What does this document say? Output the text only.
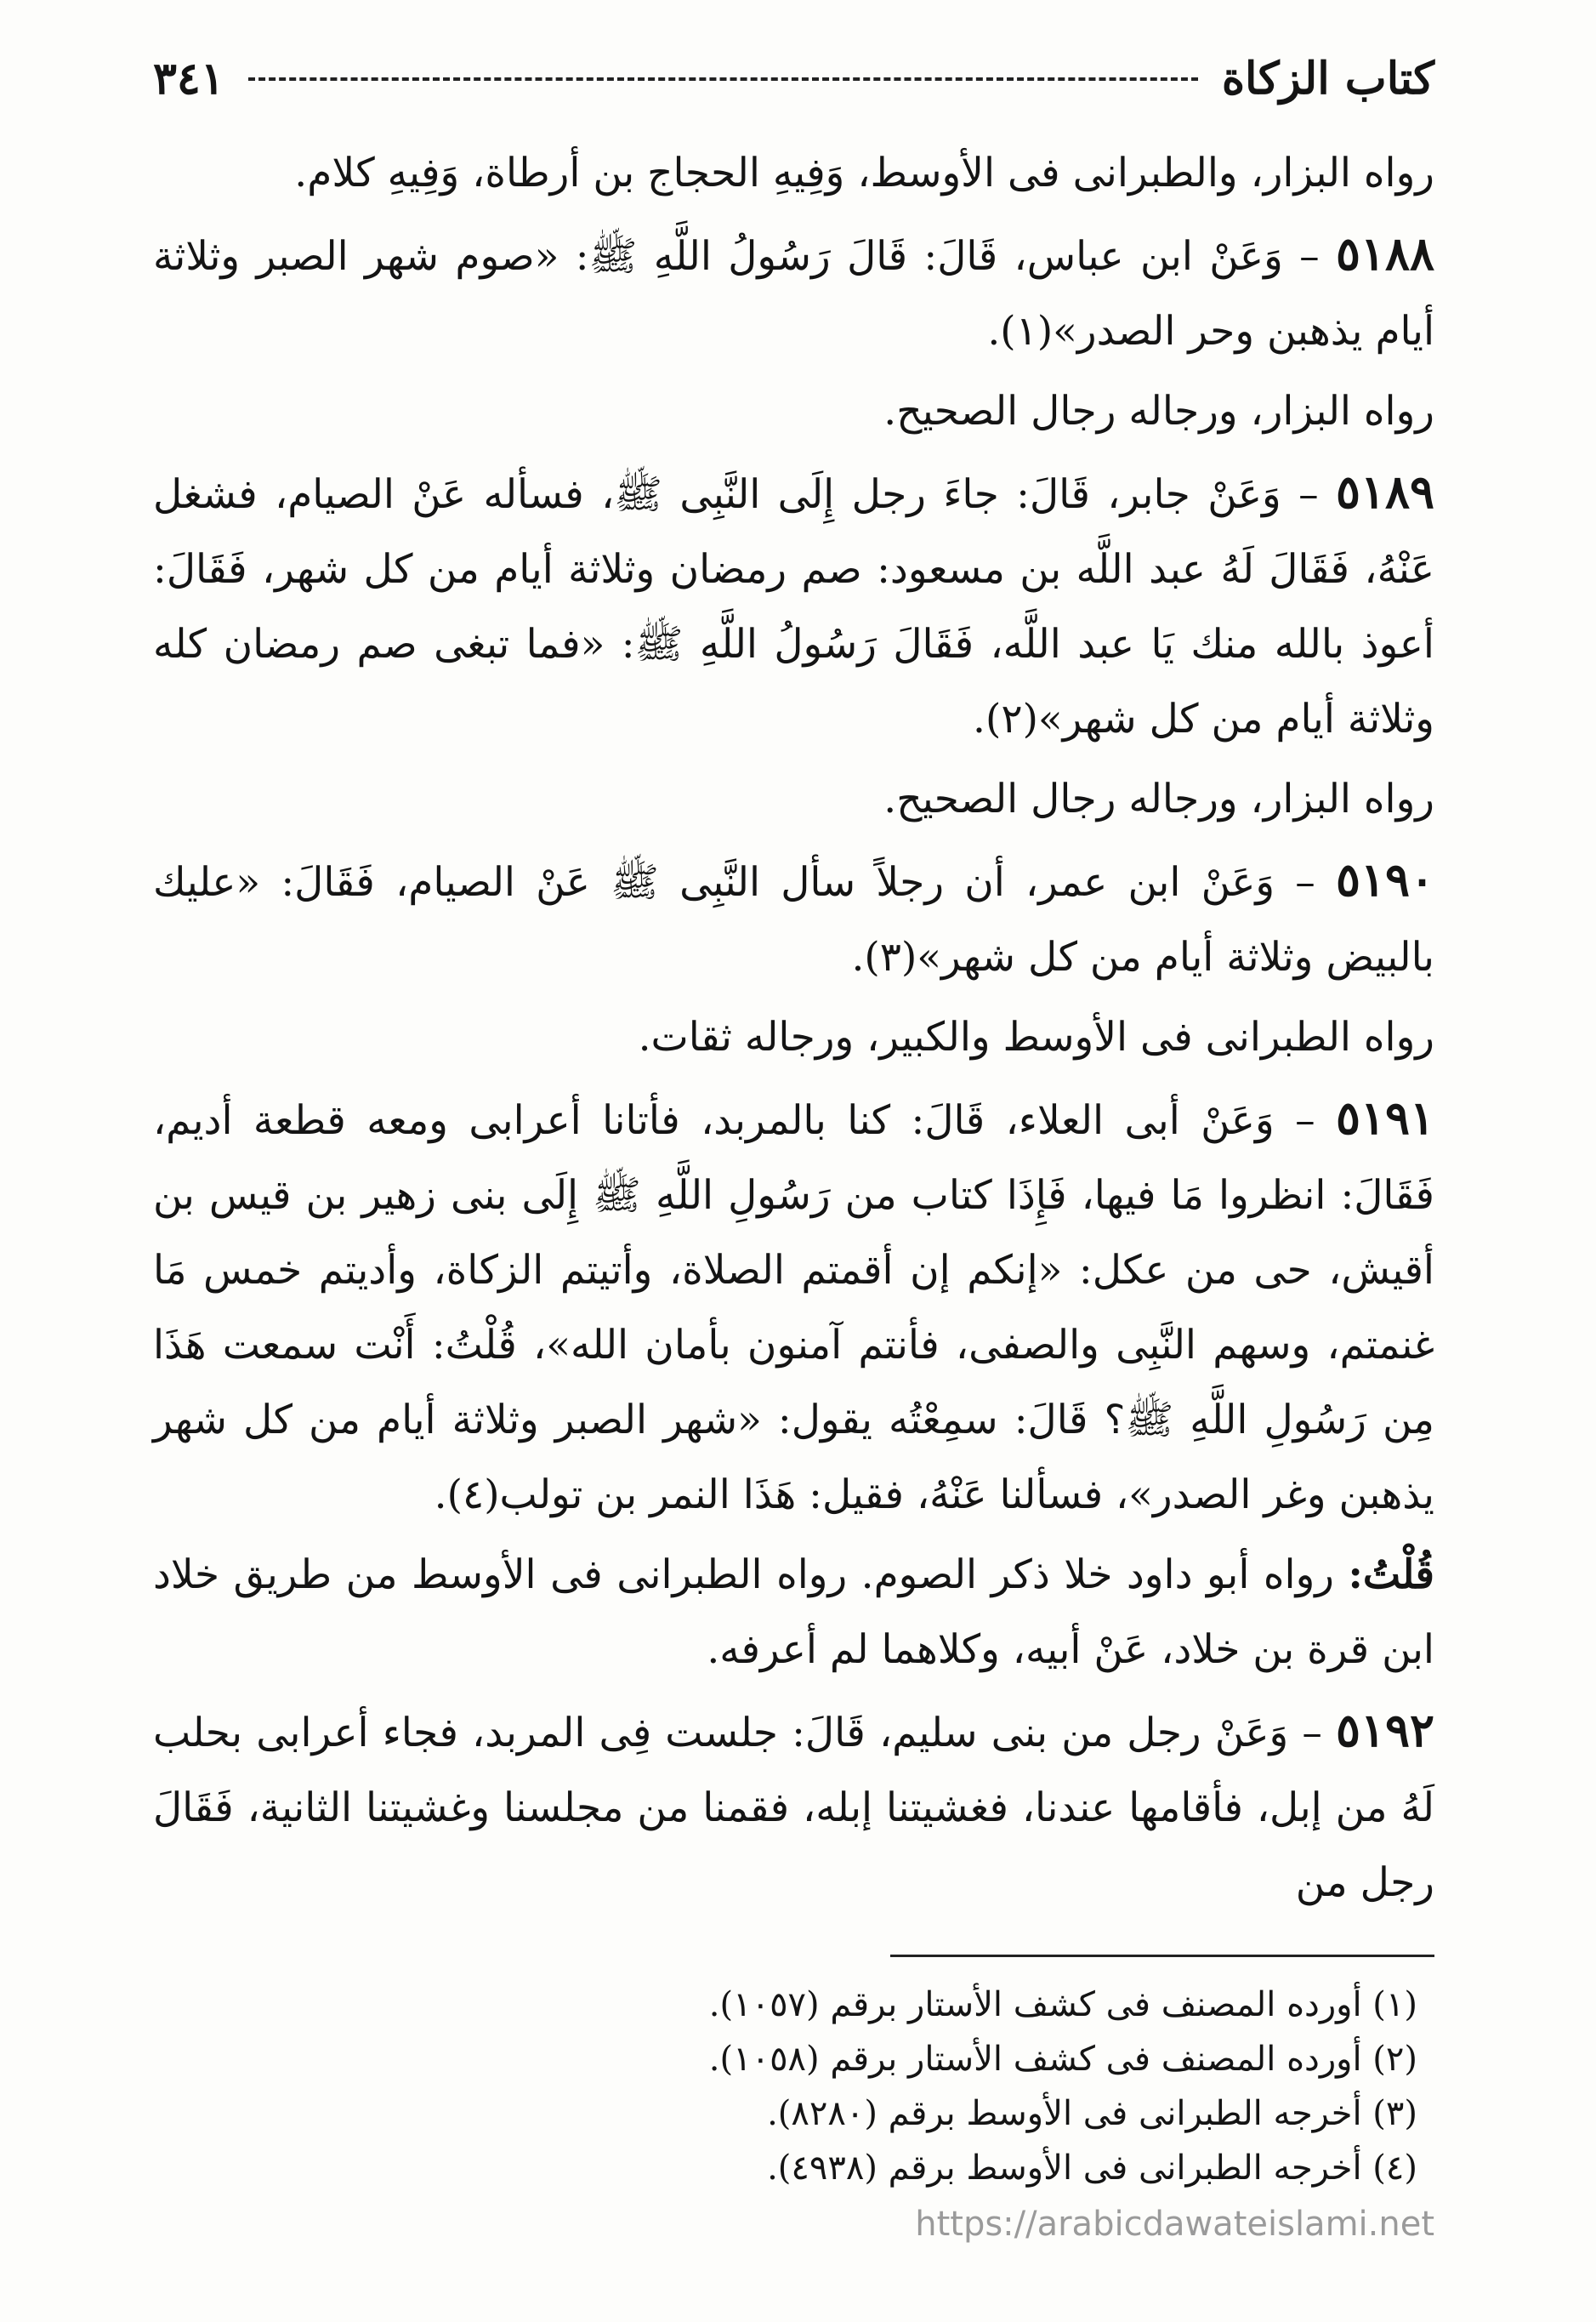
كتاب الزكاة
٣٤١

رواه البزار، والطبرانى فى الأوسط، وَفِيهِ الحجاج بن أرطاة، وَفِيهِ كلام.

٥١٨٨ – وَعَنْ ابن عباس، قَالَ: قَالَ رَسُولُ اللَّهِ ﷺ: «صوم شهر الصبر وثلاثة أيام يذهبن وحر الصدر»(١).

رواه البزار، ورجاله رجال الصحيح.

٥١٨٩ – وَعَنْ جابر، قَالَ: جاءَ رجل إِلَى النَّبِى ﷺ، فسأله عَنْ الصيام، فشغل عَنْهُ، فَقَالَ لَهُ عبد اللَّه بن مسعود: صم رمضان وثلاثة أيام من كل شهر، فَقَالَ: أعوذ بالله منك يَا عبد اللَّه، فَقَالَ رَسُولُ اللَّهِ ﷺ: «فما تبغى صم رمضان كله وثلاثة أيام من كل شهر»(٢).

رواه البزار، ورجاله رجال الصحيح.

٥١٩٠ – وَعَنْ ابن عمر، أن رجلاً سأل النَّبِى ﷺ عَنْ الصيام، فَقَالَ: «عليك بالبيض وثلاثة أيام من كل شهر»(٣).

رواه الطبرانى فى الأوسط والكبير، ورجاله ثقات.

٥١٩١ – وَعَنْ أبى العلاء، قَالَ: كنا بالمربد، فأتانا أعرابى ومعه قطعة أديم، فَقَالَ: انظروا مَا فيها، فَإِذَا كتاب من رَسُولِ اللَّهِ ﷺ إِلَى بنى زهير بن قيس بن أقيش، حى من عكل: «إنكم إن أقمتم الصلاة، وأتيتم الزكاة، وأديتم خمس مَا غنمتم، وسهم النَّبِى والصفى، فأنتم آمنون بأمان الله»، قُلْتُ: أَنْت سمعت هَذَا مِن رَسُولِ اللَّهِ ﷺ؟ قَالَ: سمِعْتُه يقول: «شهر الصبر وثلاثة أيام من كل شهر يذهبن وغر الصدر»، فسألنا عَنْهُ، فقيل: هَذَا النمر بن تولب(٤).

قُلْتُ: رواه أبو داود خلا ذكر الصوم. رواه الطبرانى فى الأوسط من طريق خلاد ابن قرة بن خلاد، عَنْ أبيه، وكلاهما لم أعرفه.

٥١٩٢ – وَعَنْ رجل من بنى سليم، قَالَ: جلست فِى المربد، فجاء أعرابى بحلب لَهُ من إبل، فأقامها عندنا، فغشيتنا إبله، فقمنا من مجلسنا وغشيتنا الثانية، فَقَالَ رجل من

(١) أورده المصنف فى كشف الأستار برقم (١٠٥٧).
(٢) أورده المصنف فى كشف الأستار برقم (١٠٥٨).
(٣) أخرجه الطبرانى فى الأوسط برقم (٨٢٨٠).
(٤) أخرجه الطبرانى فى الأوسط برقم (٤٩٣٨).
https://arabicdawateislami.net
